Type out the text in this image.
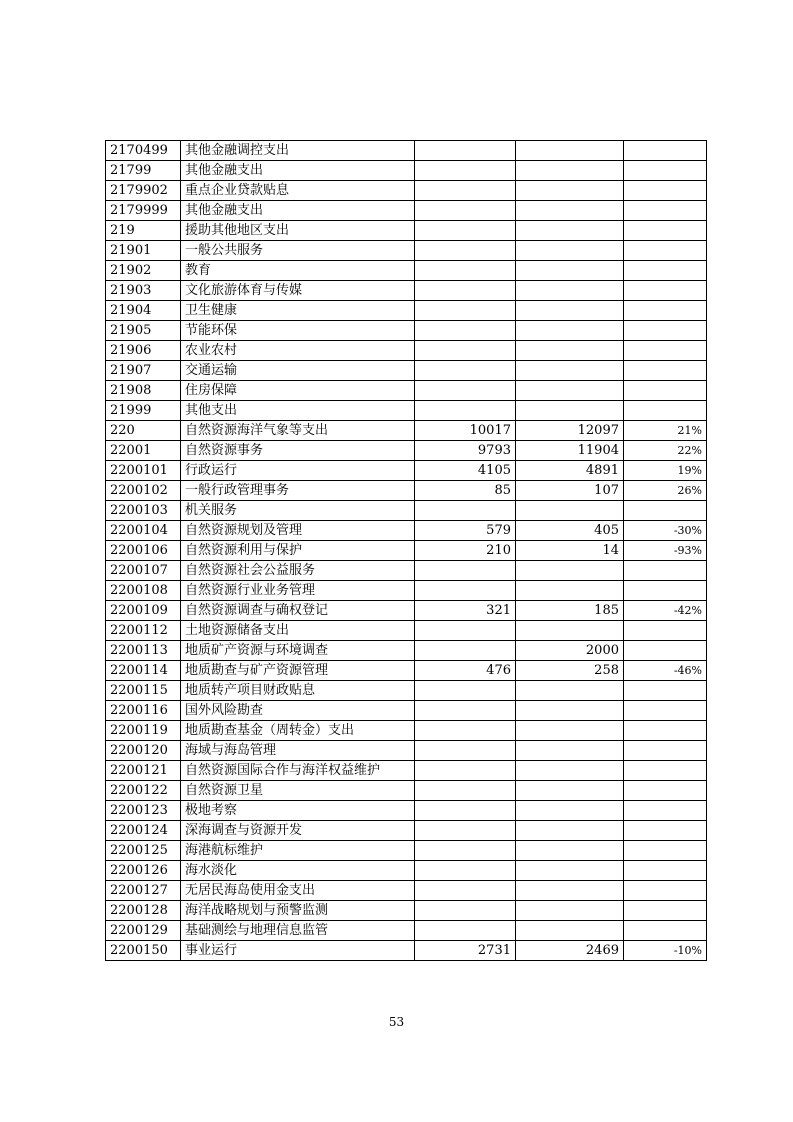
2170499	其他金融调控支出			
21799	其他金融支出			
2179902	重点企业贷款贴息			
2179999	其他金融支出			
219	援助其他地区支出			
21901	一般公共服务			
21902	教育			
21903	文化旅游体育与传媒			
21904	卫生健康			
21905	节能环保			
21906	农业农村			
21907	交通运输			
21908	住房保障			
21999	其他支出			
220	自然资源海洋气象等支出	10017	12097	21%
22001	自然资源事务	9793	11904	22%
2200101	行政运行	4105	4891	19%
2200102	一般行政管理事务	85	107	26%
2200103	机关服务			
2200104	自然资源规划及管理	579	405	-30%
2200106	自然资源利用与保护	210	14	-93%
2200107	自然资源社会公益服务			
2200108	自然资源行业业务管理			
2200109	自然资源调查与确权登记	321	185	-42%
2200112	土地资源储备支出			
2200113	地质矿产资源与环境调查		2000	
2200114	地质勘查与矿产资源管理	476	258	-46%
2200115	地质转产项目财政贴息			
2200116	国外风险勘查			
2200119	地质勘查基金（周转金）支出			
2200120	海域与海岛管理			
2200121	自然资源国际合作与海洋权益维护			
2200122	自然资源卫星			
2200123	极地考察			
2200124	深海调查与资源开发			
2200125	海港航标维护			
2200126	海水淡化			
2200127	无居民海岛使用金支出			
2200128	海洋战略规划与预警监测			
2200129	基础测绘与地理信息监管			
2200150	事业运行	2731	2469	-10%
53
